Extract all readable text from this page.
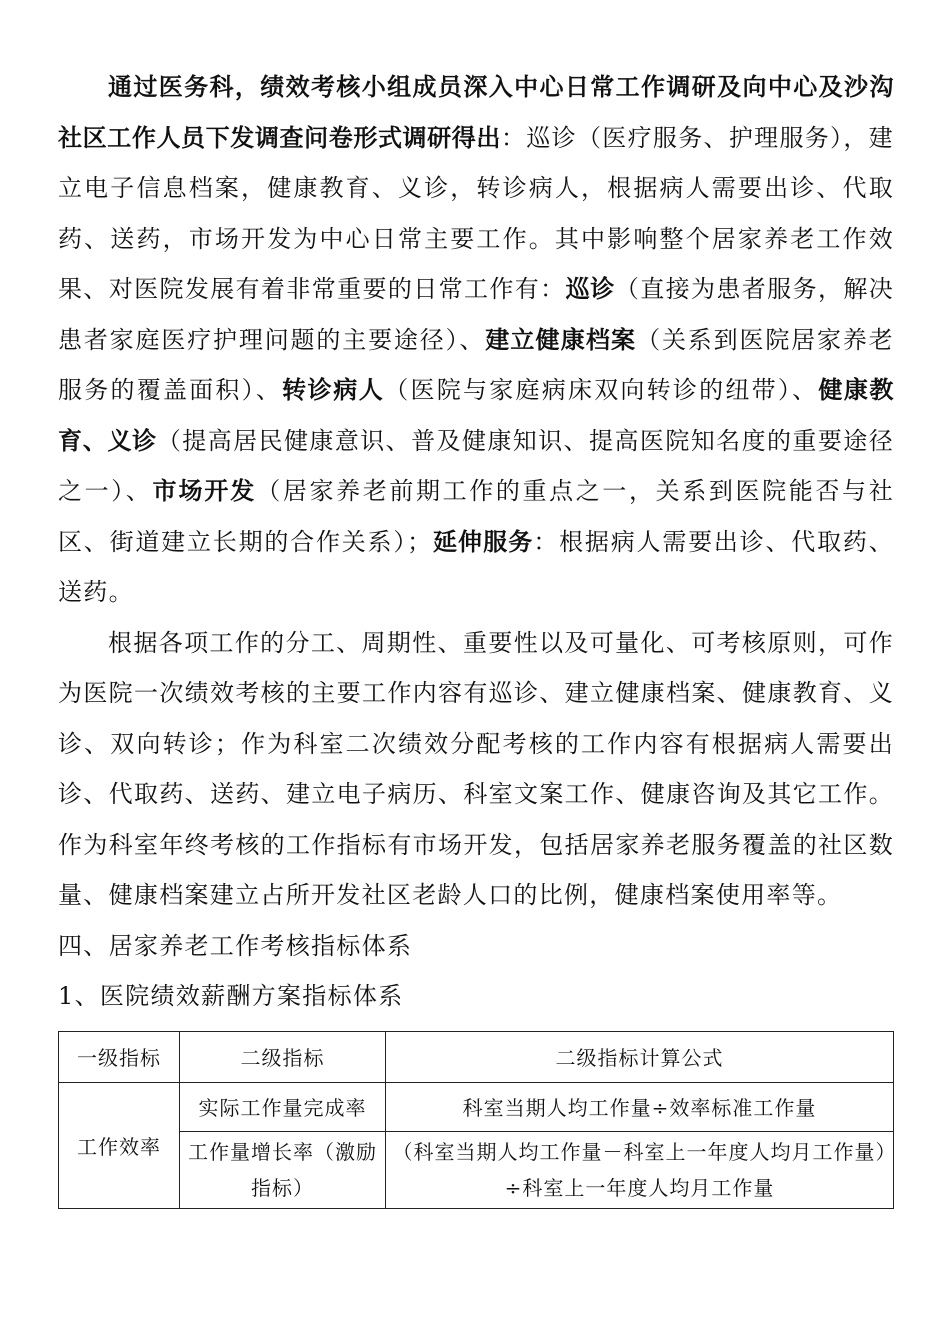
通过医务科，绩效考核小组成员深入中心日常工作调研及向中心及沙沟社区工作人员下发调查问卷形式调研得出：巡诊（医疗服务、护理服务），建立电子信息档案，健康教育、义诊，转诊病人，根据病人需要出诊、代取药、送药，市场开发为中心日常主要工作。其中影响整个居家养老工作效果、对医院发展有着非常重要的日常工作有：巡诊（直接为患者服务，解决患者家庭医疗护理问题的主要途径）、建立健康档案（关系到医院居家养老服务的覆盖面积）、转诊病人（医院与家庭病床双向转诊的纽带）、健康教育、义诊（提高居民健康意识、普及健康知识、提高医院知名度的重要途径之一）、市场开发（居家养老前期工作的重点之一，关系到医院能否与社区、街道建立长期的合作关系）；延伸服务：根据病人需要出诊、代取药、送药。

根据各项工作的分工、周期性、重要性以及可量化、可考核原则，可作为医院一次绩效考核的主要工作内容有巡诊、建立健康档案、健康教育、义诊、双向转诊；作为科室二次绩效分配考核的工作内容有根据病人需要出诊、代取药、送药、建立电子病历、科室文案工作、健康咨询及其它工作。作为科室年终考核的工作指标有市场开发，包括居家养老服务覆盖的社区数量、健康档案建立占所开发社区老龄人口的比例，健康档案使用率等。

四、居家养老工作考核指标体系

1、医院绩效薪酬方案指标体系

一级指标	二级指标	二级指标计算公式
工作效率	实际工作量完成率	科室当期人均工作量÷效率标准工作量
	工作量增长率（激励指标）	（科室当期人均工作量－科室上一年度人均月工作量）÷科室上一年度人均月工作量
